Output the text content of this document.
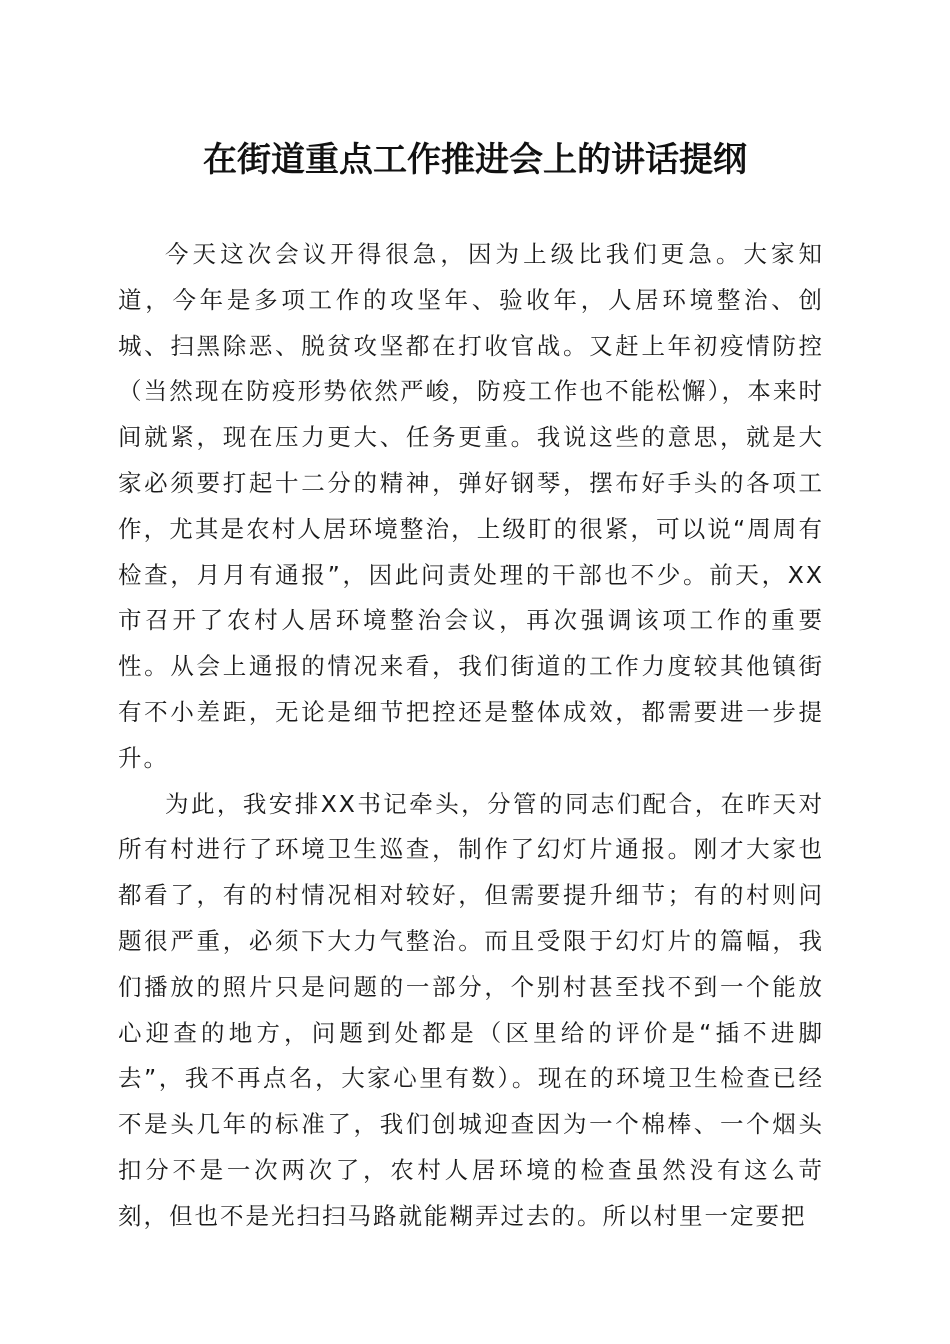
在街道重点工作推进会上的讲话提纲

今天这次会议开得很急，因为上级比我们更急。大家知道，今年是多项工作的攻坚年、验收年，人居环境整治、创城、扫黑除恶、脱贫攻坚都在打收官战。又赶上年初疫情防控（当然现在防疫形势依然严峻，防疫工作也不能松懈），本来时间就紧，现在压力更大、任务更重。我说这些的意思，就是大家必须要打起十二分的精神，弹好钢琴，摆布好手头的各项工作，尤其是农村人居环境整治，上级盯的很紧，可以说“周周有检查，月月有通报”，因此问责处理的干部也不少。前天，XX市召开了农村人居环境整治会议，再次强调该项工作的重要性。从会上通报的情况来看，我们街道的工作力度较其他镇街有不小差距，无论是细节把控还是整体成效，都需要进一步提升。

为此，我安排XX书记牵头，分管的同志们配合，在昨天对所有村进行了环境卫生巡查，制作了幻灯片通报。刚才大家也都看了，有的村情况相对较好，但需要提升细节；有的村则问题很严重，必须下大力气整治。而且受限于幻灯片的篇幅，我们播放的照片只是问题的一部分，个别村甚至找不到一个能放心迎查的地方，问题到处都是（区里给的评价是“插不进脚去”，我不再点名，大家心里有数）。现在的环境卫生检查已经不是头几年的标准了，我们创城迎查因为一个棉棒、一个烟头扣分不是一次两次了，农村人居环境的检查虽然没有这么苛刻，但也不是光扫扫马路就能糊弄过去的。所以村里一定要把
